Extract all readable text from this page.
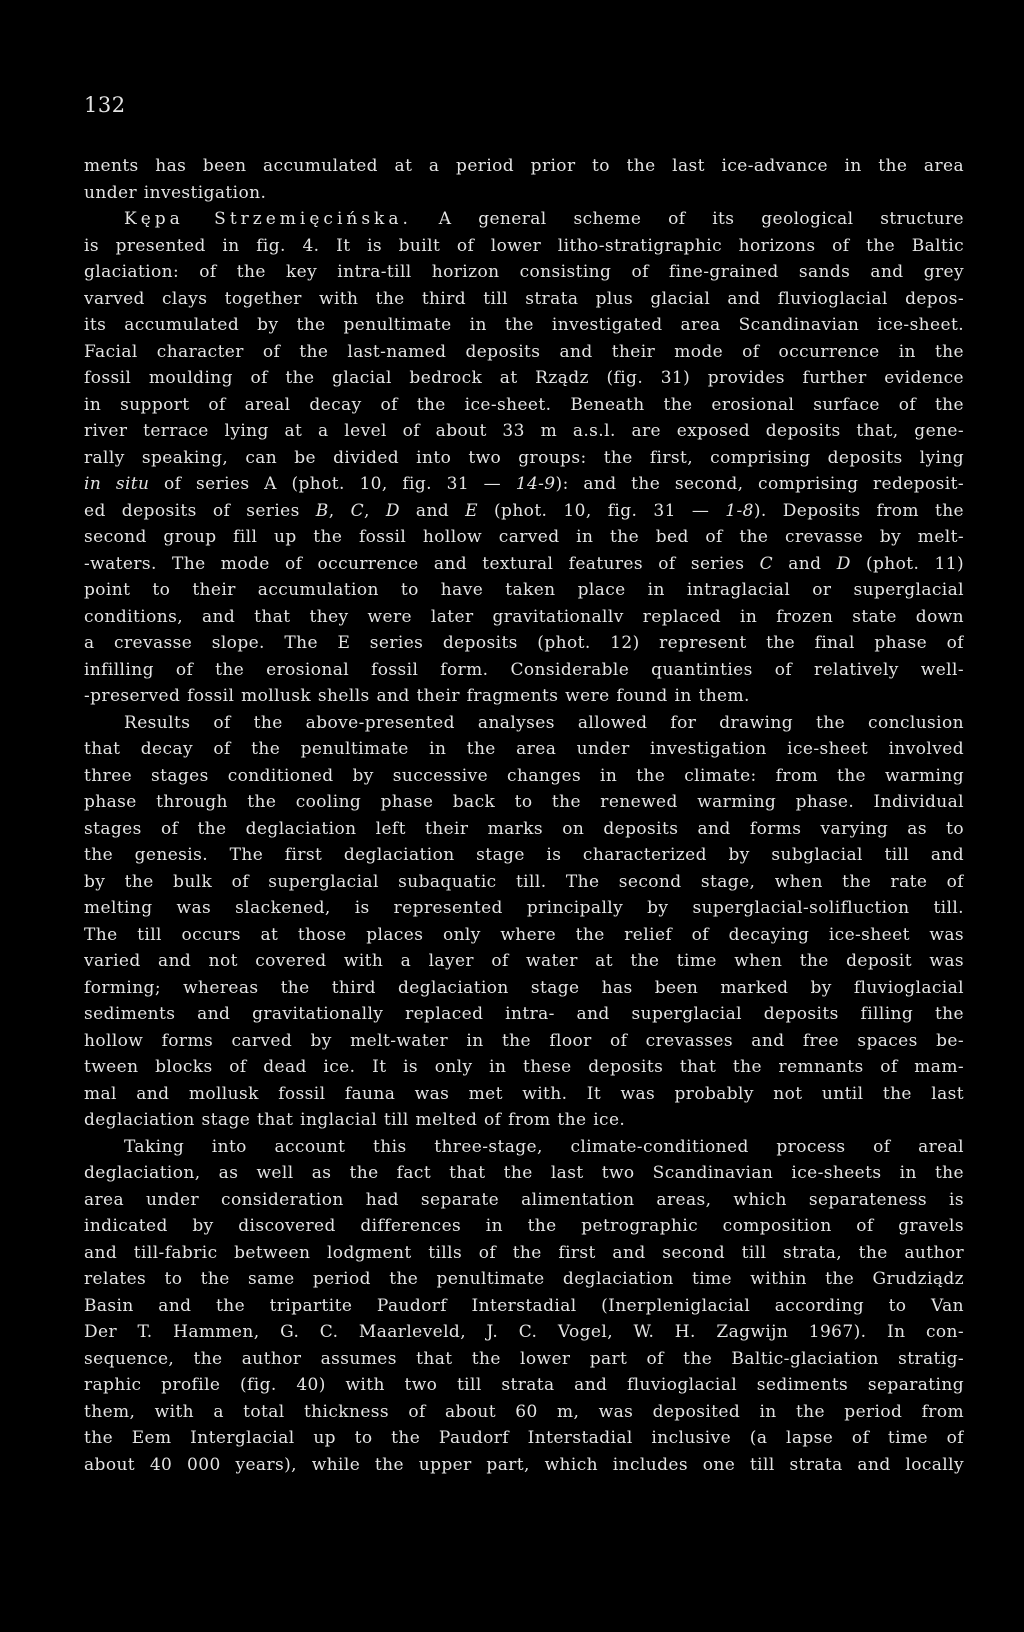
132
ments has been accumulated at a period prior to the last ice-advance in the area
under investigation.
Kępa Strzemięcińska. A general scheme of its geological structure
is presented in fig. 4. It is built of lower litho-stratigraphic horizons of the Baltic
glaciation: of the key intra-till horizon consisting of fine-grained sands and grey
varved clays together with the third till strata plus glacial and fluvioglacial depos-
its accumulated by the penultimate in the investigated area Scandinavian ice-sheet.
Facial character of the last-named deposits and their mode of occurrence in the
fossil moulding of the glacial bedrock at Rządz (fig. 31) provides further evidence
in support of areal decay of the ice-sheet. Beneath the erosional surface of the
river terrace lying at a level of about 33 m a.s.l. are exposed deposits that, gene-
rally speaking, can be divided into two groups: the first, comprising deposits lying
in situ of series A (phot. 10, fig. 31 — 14-9): and the second, comprising redeposit-
ed deposits of series B, C, D and E (phot. 10, fig. 31 — 1-8). Deposits from the
second group fill up the fossil hollow carved in the bed of the crevasse by melt-
-waters. The mode of occurrence and textural features of series C and D (phot. 11)
point to their accumulation to have taken place in intraglacial or superglacial
conditions, and that they were later gravitationallv replaced in frozen state down
a crevasse slope. The E series deposits (phot. 12) represent the final phase of
infilling of the erosional fossil form. Considerable quantinties of relatively well-
-preserved fossil mollusk shells and their fragments were found in them.
Results of the above-presented analyses allowed for drawing the conclusion
that decay of the penultimate in the area under investigation ice-sheet involved
three stages conditioned by successive changes in the climate: from the warming
phase through the cooling phase back to the renewed warming phase. Individual
stages of the deglaciation left their marks on deposits and forms varying as to
the genesis. The first deglaciation stage is characterized by subglacial till and
by the bulk of superglacial subaquatic till. The second stage, when the rate of
melting was slackened, is represented principally by superglacial-solifluction till.
The till occurs at those places only where the relief of decaying ice-sheet was
varied and not covered with a layer of water at the time when the deposit was
forming; whereas the third deglaciation stage has been marked by fluvioglacial
sediments and gravitationally replaced intra- and superglacial deposits filling the
hollow forms carved by melt-water in the floor of crevasses and free spaces be-
tween blocks of dead ice. It is only in these deposits that the remnants of mam-
mal and mollusk fossil fauna was met with. It was probably not until the last
deglaciation stage that inglacial till melted of from the ice.
Taking into account this three-stage, climate-conditioned process of areal
deglaciation, as well as the fact that the last two Scandinavian ice-sheets in the
area under consideration had separate alimentation areas, which separateness is
indicated by discovered differences in the petrographic composition of gravels
and till-fabric between lodgment tills of the first and second till strata, the author
relates to the same period the penultimate deglaciation time within the Grudziądz
Basin and the tripartite Paudorf Interstadial (Inerpleniglacial according to Van
Der T. Hammen, G. C. Maarleveld, J. C. Vogel, W. H. Zagwijn 1967). In con-
sequence, the author assumes that the lower part of the Baltic-glaciation stratig-
raphic profile (fig. 40) with two till strata and fluvioglacial sediments separating
them, with a total thickness of about 60 m, was deposited in the period from
the Eem Interglacial up to the Paudorf Interstadial inclusive (a lapse of time of
about 40 000 years), while the upper part, which includes one till strata and locally
